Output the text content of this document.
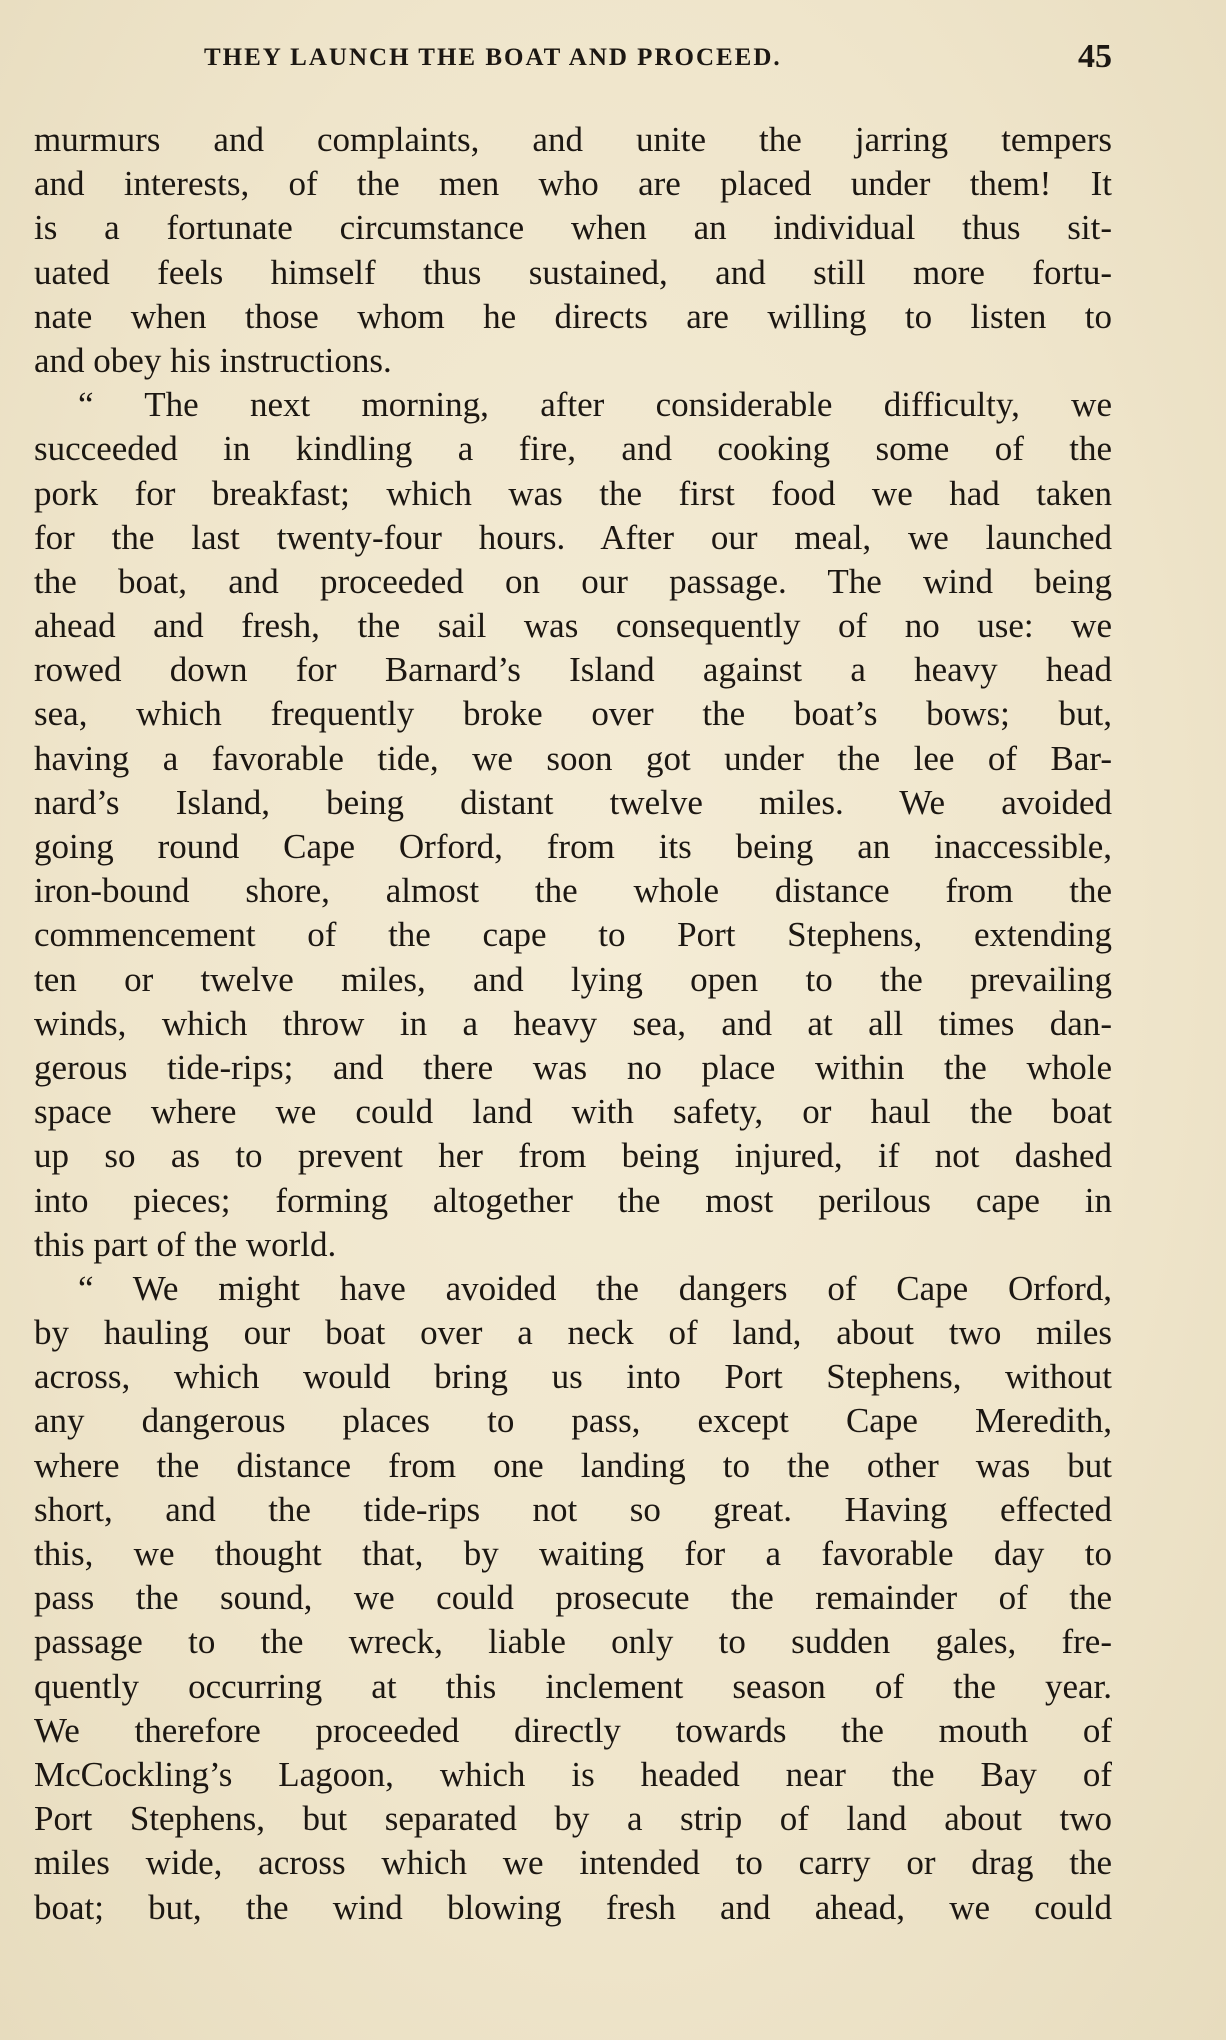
THEY LAUNCH THE BOAT AND PROCEED.	45
murmurs and complaints, and unite the jarring tempers
and interests, of the men who are placed under them! It
is a fortunate circumstance when an individual thus sit-
uated feels himself thus sustained, and still more fortu-
nate when those whom he directs are willing to listen to
and obey his instructions.
“ The next morning, after considerable difficulty, we
succeeded in kindling a fire, and cooking some of the
pork for breakfast; which was the first food we had taken
for the last twenty-four hours. After our meal, we launched
the boat, and proceeded on our passage. The wind being
ahead and fresh, the sail was consequently of no use: we
rowed down for Barnard’s Island against a heavy head
sea, which frequently broke over the boat’s bows; but,
having a favorable tide, we soon got under the lee of Bar-
nard’s Island, being distant twelve miles. We avoided
going round Cape Orford, from its being an inaccessible,
iron-bound shore, almost the whole distance from the
commencement of the cape to Port Stephens, extending
ten or twelve miles, and lying open to the prevailing
winds, which throw in a heavy sea, and at all times dan-
gerous tide-rips; and there was no place within the whole
space where we could land with safety, or haul the boat
up so as to prevent her from being injured, if not dashed
into pieces; forming altogether the most perilous cape in
this part of the world.
“ We might have avoided the dangers of Cape Orford,
by hauling our boat over a neck of land, about two miles
across, which would bring us into Port Stephens, without
any dangerous places to pass, except Cape Meredith,
where the distance from one landing to the other was but
short, and the tide-rips not so great. Having effected
this, we thought that, by waiting for a favorable day to
pass the sound, we could prosecute the remainder of the
passage to the wreck, liable only to sudden gales, fre-
quently occurring at this inclement season of the year.
We therefore proceeded directly towards the mouth of
McCockling’s Lagoon, which is headed near the Bay of
Port Stephens, but separated by a strip of land about two
miles wide, across which we intended to carry or drag the
boat; but, the wind blowing fresh and ahead, we could
